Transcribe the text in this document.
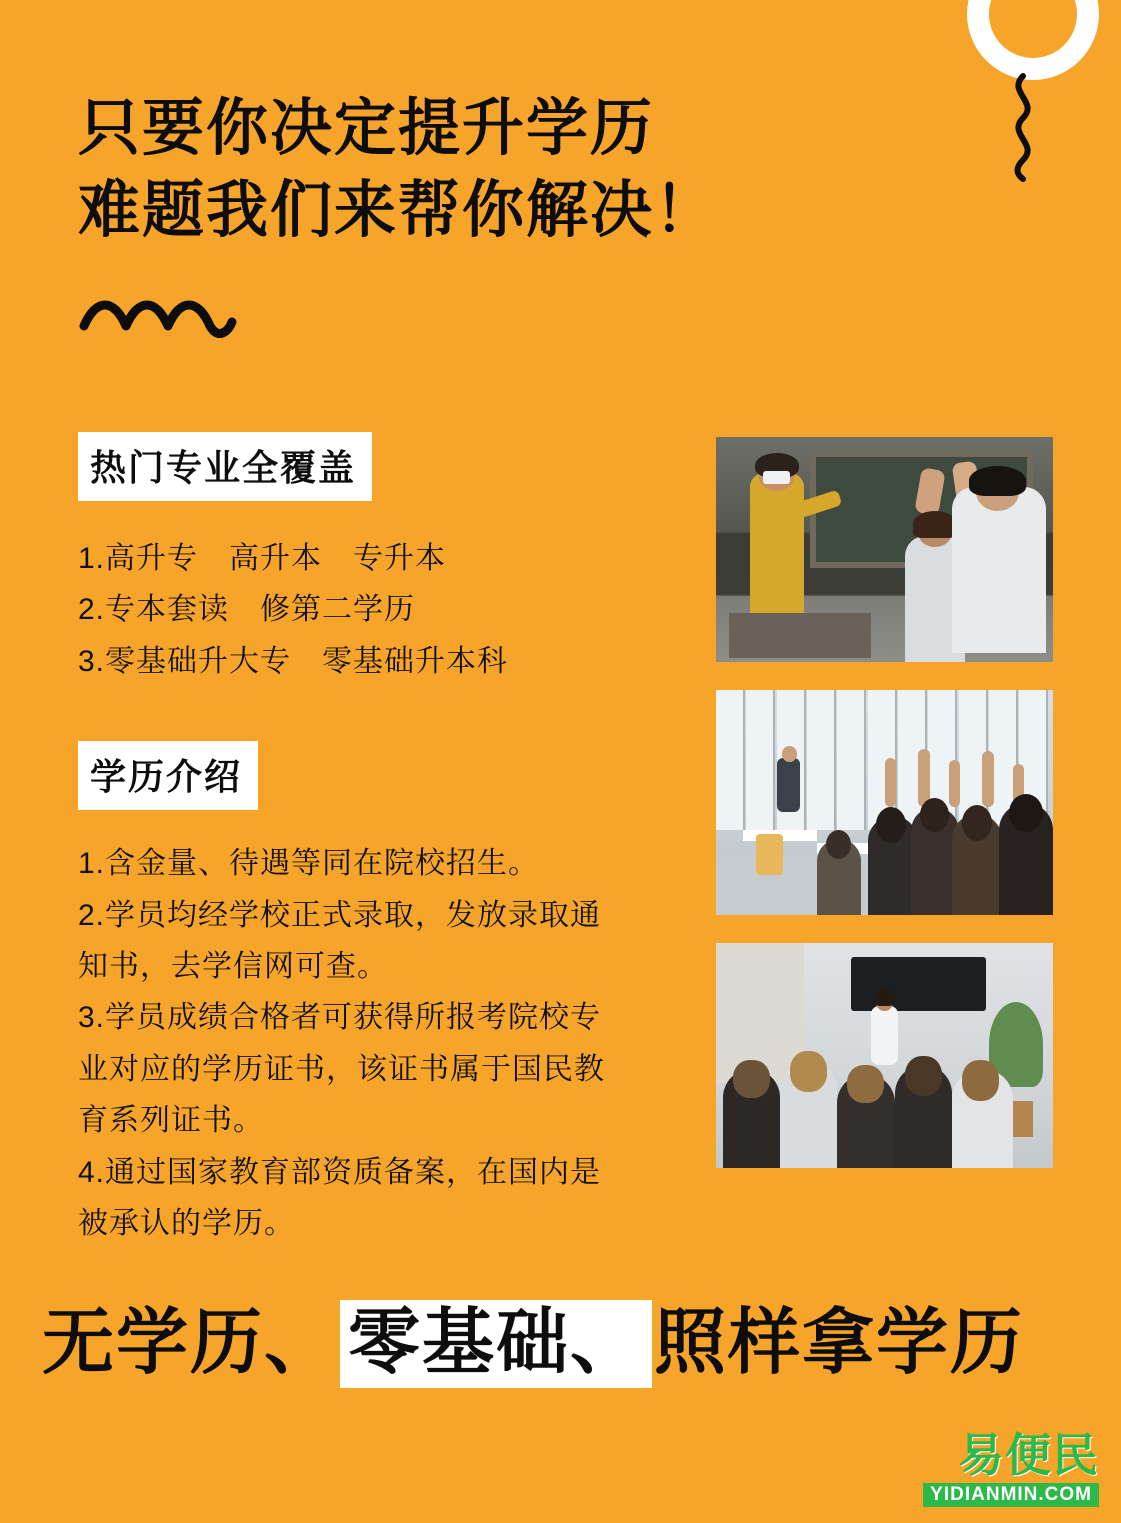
只要你决定提升学历
难题我们来帮你解决！
热门专业全覆盖
1.高升专　高升本　专升本
2.专本套读　修第二学历
3.零基础升大专　零基础升本科
学历介绍
1.含金量、待遇等同在院校招生。
2.学员均经学校正式录取，发放录取通
知书，去学信网可查。
3.学员成绩合格者可获得所报考院校专
业对应的学历证书，该证书属于国民教
育系列证书。
4.通过国家教育部资质备案，在国内是
被承认的学历。
无学历、 零基础、 照样拿学历
易便民
YIDIANMIN.COM
